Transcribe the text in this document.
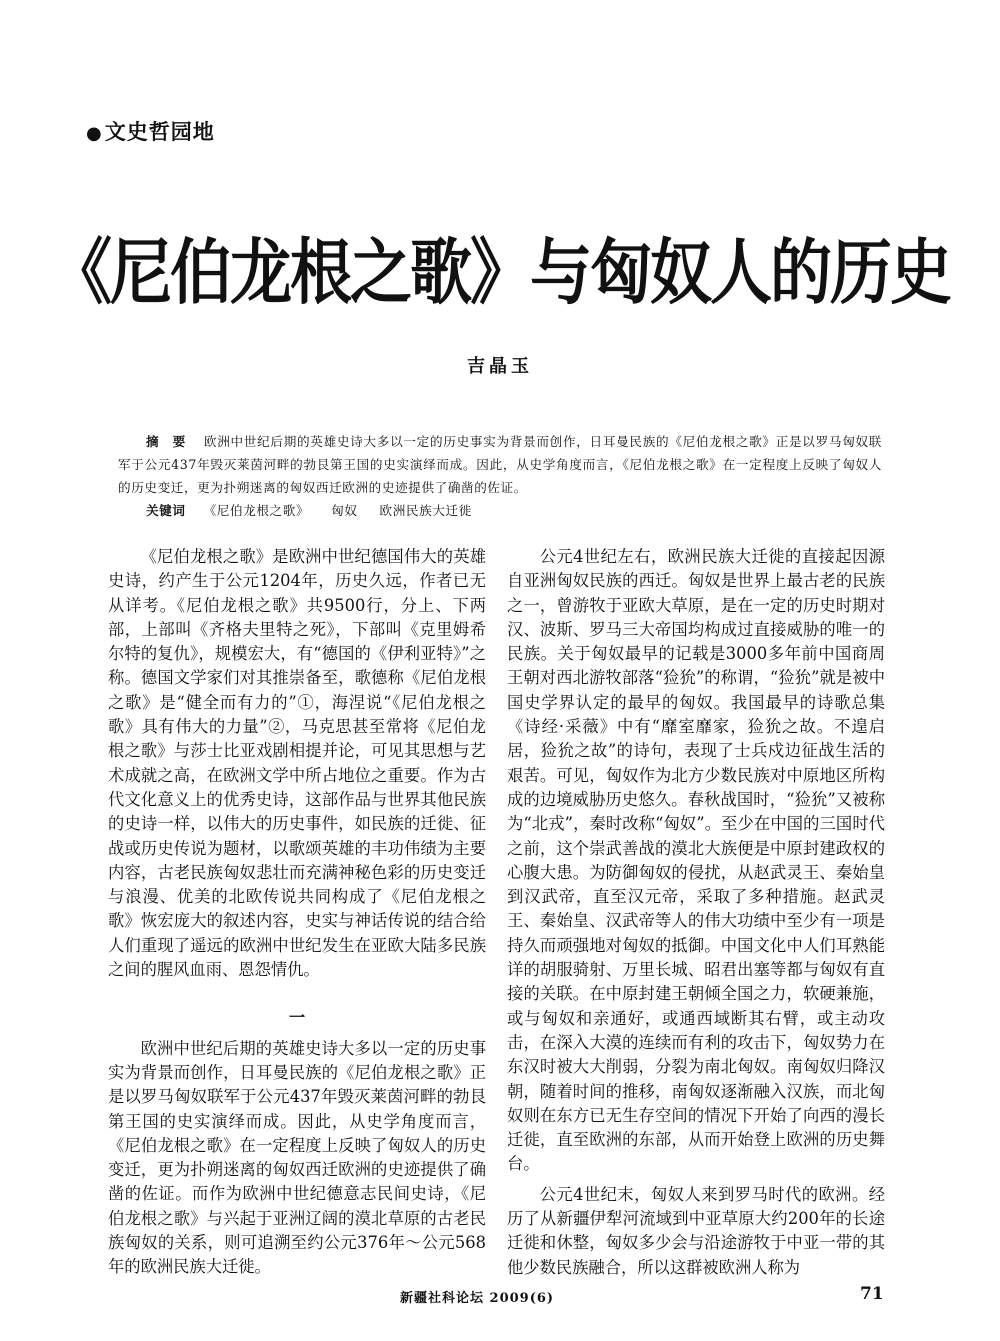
●文史哲园地
《尼伯龙根之歌》与匈奴人的历史
吉晶玉

摘　要 欧洲中世纪后期的英雄史诗大多以一定的历史事实为背景而创作，日耳曼民族的《尼伯龙根之歌》正是以罗马匈奴联军于公元437年毁灭莱茵河畔的勃艮第王国的史实演绎而成。因此，从史学角度而言，《尼伯龙根之歌》在一定程度上反映了匈奴人的历史变迁，更为扑朔迷离的匈奴西迁欧洲的史迹提供了确凿的佐证。

关键词 《尼伯龙根之歌》 匈奴 欧洲民族大迁徙

《尼伯龙根之歌》是欧洲中世纪德国伟大的英雄史诗，约产生于公元1204年，历史久远，作者已无从详考。《尼伯龙根之歌》共9500行，分上、下两部，上部叫《齐格夫里特之死》，下部叫《克里姆希尔特的复仇》，规模宏大，有“德国的《伊利亚特》”之称。德国文学家们对其推崇备至，歌德称《尼伯龙根之歌》是“健全而有力的”①，海涅说“《尼伯龙根之歌》具有伟大的力量”②，马克思甚至常将《尼伯龙根之歌》与莎士比亚戏剧相提并论，可见其思想与艺术成就之高，在欧洲文学中所占地位之重要。作为古代文化意义上的优秀史诗，这部作品与世界其他民族的史诗一样，以伟大的历史事件，如民族的迁徙、征战或历史传说为题材，以歌颂英雄的丰功伟绩为主要内容，古老民族匈奴悲壮而充满神秘色彩的历史变迁与浪漫、优美的北欧传说共同构成了《尼伯龙根之歌》恢宏庞大的叙述内容，史实与神话传说的结合给人们重现了遥远的欧洲中世纪发生在亚欧大陆多民族之间的腥风血雨、恩怨情仇。

一

欧洲中世纪后期的英雄史诗大多以一定的历史事实为背景而创作，日耳曼民族的《尼伯龙根之歌》正是以罗马匈奴联军于公元437年毁灭莱茵河畔的勃艮第王国的史实演绎而成。因此，从史学角度而言，《尼伯龙根之歌》在一定程度上反映了匈奴人的历史变迁，更为扑朔迷离的匈奴西迁欧洲的史迹提供了确凿的佐证。而作为欧洲中世纪德意志民间史诗，《尼伯龙根之歌》与兴起于亚洲辽阔的漠北草原的古老民族匈奴的关系，则可追溯至约公元376年～公元568年的欧洲民族大迁徙。

公元4世纪左右，欧洲民族大迁徙的直接起因源自亚洲匈奴民族的西迁。匈奴是世界上最古老的民族之一，曾游牧于亚欧大草原，是在一定的历史时期对汉、波斯、罗马三大帝国均构成过直接威胁的唯一的民族。关于匈奴最早的记载是3000多年前中国商周王朝对西北游牧部落“猃狁”的称谓，“猃狁”就是被中国史学界认定的最早的匈奴。我国最早的诗歌总集《诗经·采薇》中有“靡室靡家，猃狁之故。不遑启居，猃狁之故”的诗句，表现了士兵戍边征战生活的艰苦。可见，匈奴作为北方少数民族对中原地区所构成的边境威胁历史悠久。春秋战国时，“猃狁”又被称为“北戎”，秦时改称“匈奴”。至少在中国的三国时代之前，这个崇武善战的漠北大族便是中原封建政权的心腹大患。为防御匈奴的侵扰，从赵武灵王、秦始皇到汉武帝，直至汉元帝，采取了多种措施。赵武灵王、秦始皇、汉武帝等人的伟大功绩中至少有一项是持久而顽强地对匈奴的抵御。中国文化中人们耳熟能详的胡服骑射、万里长城、昭君出塞等都与匈奴有直接的关联。在中原封建王朝倾全国之力，软硬兼施，或与匈奴和亲通好，或通西域断其右臂，或主动攻击，在深入大漠的连续而有利的攻击下，匈奴势力在东汉时被大大削弱，分裂为南北匈奴。南匈奴归降汉朝，随着时间的推移，南匈奴逐渐融入汉族，而北匈奴则在东方已无生存空间的情况下开始了向西的漫长迁徙，直至欧洲的东部，从而开始登上欧洲的历史舞台。

公元4世纪末，匈奴人来到罗马时代的欧洲。经历了从新疆伊犁河流域到中亚草原大约200年的长途迁徙和休整，匈奴多少会与沿途游牧于中亚一带的其他少数民族融合，所以这群被欧洲人称为

新疆社科论坛 2009(6)	71
